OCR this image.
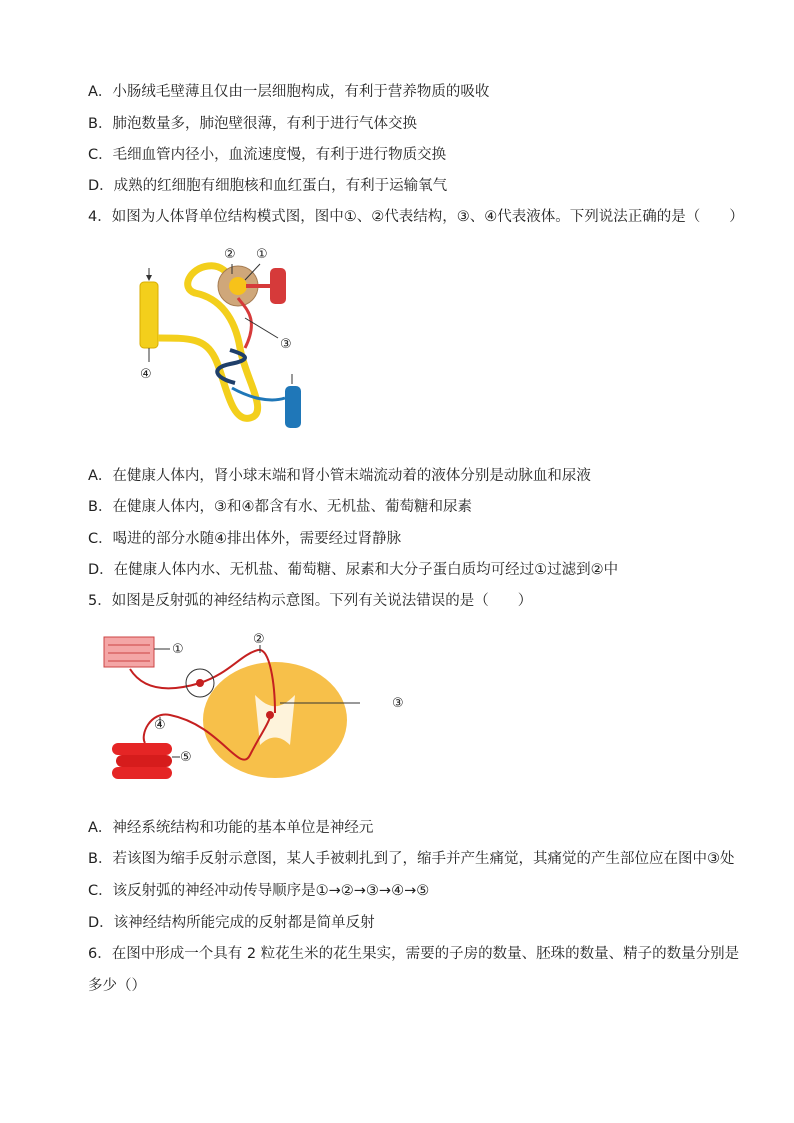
A．小肠绒毛壁薄且仅由一层细胞构成，有利于营养物质的吸收
B．肺泡数量多，肺泡壁很薄，有利于进行气体交换
C．毛细血管内径小，血流速度慢，有利于进行物质交换
D．成熟的红细胞有细胞核和血红蛋白，有利于运输氧气
4．如图为人体肾单位结构模式图，图中①、②代表结构，③、④代表液体。下列说法正确的是（　　）
② ①
③
④
A．在健康人体内，肾小球末端和肾小管末端流动着的液体分别是动脉血和尿液
B．在健康人体内，③和④都含有水、无机盐、葡萄糖和尿素
C．喝进的部分水随④排出体外，需要经过肾静脉
D．在健康人体内水、无机盐、葡萄糖、尿素和大分子蛋白质均可经过①过滤到②中
5．如图是反射弧的神经结构示意图。下列有关说法错误的是（　　）
①
②
③
④
⑤
A．神经系统结构和功能的基本单位是神经元
B．若该图为缩手反射示意图，某人手被刺扎到了，缩手并产生痛觉，其痛觉的产生部位应在图中③处
C．该反射弧的神经冲动传导顺序是①→②→③→④→⑤
D．该神经结构所能完成的反射都是简单反射
6．在图中形成一个具有 2 粒花生米的花生果实，需要的子房的数量、胚珠的数量、精子的数量分别是
多少（）
